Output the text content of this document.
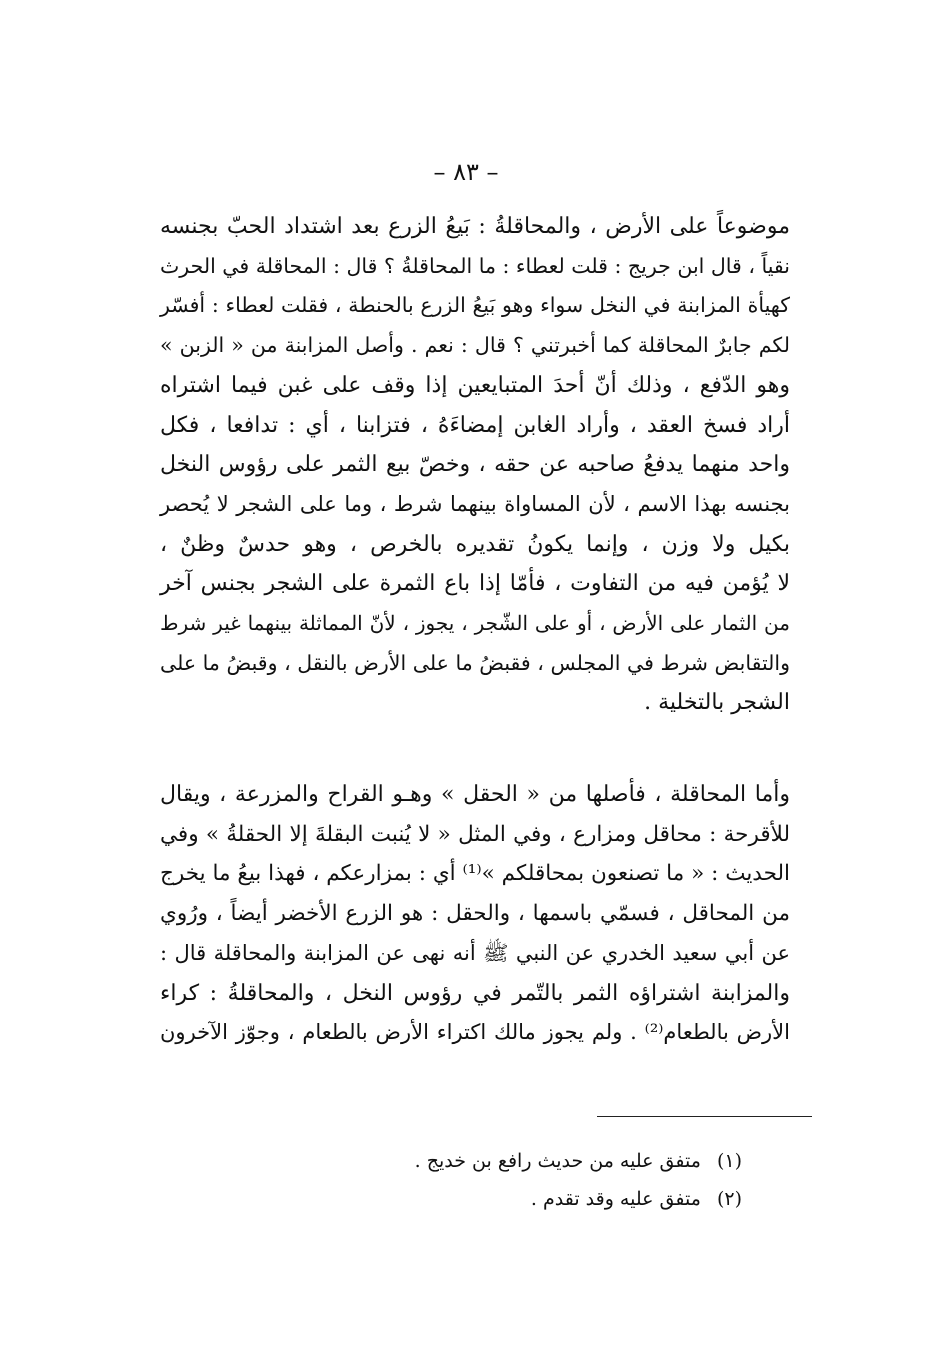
– ٨٣ –
موضوعاً على الأرض ، والمحاقلةُ : بَيعُ الزرع بعد اشتداد الحبّ بجنسه
نقياً ، قال ابن جريج : قلت لعطاء : ما المحاقلةُ ؟ قال : المحاقلة في الحرث
كهيأة المزابنة في النخل سواء وهو بَيعُ الزرع بالحنطة ، فقلت لعطاء : أفسّر
لكم جابرٌ المحاقلة كما أخبرتني ؟ قال : نعم . وأصل المزابنة من « الزبن »
وهو الدّفع ، وذلك أنّ أحدَ المتبايعين إذا وقف على غبن فيما اشتراه
أراد فسخ العقد ، وأراد الغابن إمضاءَهُ ، فتزابنا ، أي : تدافعا ، فكل
واحد منهما يدفعُ صاحبه عن حقه ، وخصّ بيع الثمر على رؤوس النخل
بجنسه بهذا الاسم ، لأن المساواة بينهما شرط ، وما على الشجر لا يُحصر
بكيل ولا وزن ، وإنما يكونُ تقديره بالخرص ، وهو حدسٌ وظنٌ ،
لا يُؤمن فيه من التفاوت ، فأمّا إذا باع الثمرة على الشجر بجنس آخر
من الثمار على الأرض ، أو على الشّجر ، يجوز ، لأنّ المماثلة بينهما غير شرط
والتقابض شرط في المجلس ، فقبضُ ما على الأرض بالنقل ، وقبضُ ما على
الشجر بالتخلية .
وأما المحاقلة ، فأصلها من « الحقل » وهـو القراح والمزرعة ، ويقال
للأقرحة : محاقل ومزارع ، وفي المثل « لا يُنبت البقلةَ إلا الحقلةُ » وفي
الحديث : « ما تصنعون بمحاقلكم »⁽¹⁾ أي : بمزارعكم ، فهذا بيعُ ما يخرج
من المحاقل ، فسمّي باسمها ، والحقل : هو الزرع الأخضر أيضاً ، ورُوي
عن أبي سعيد الخدري عن النبي ﷺ أنه نهى عن المزابنة والمحاقلة قال :
والمزابنة اشتراؤه الثمر بالتّمر في رؤوس النخل ، والمحاقلةُ : كراء
الأرض بالطعام⁽²⁾ . ولم يجوز مالك اكتراء الأرض بالطعام ، وجوّز الآخرون
(١) متفق عليه من حديث رافع بن خديج .
(٢) متفق عليه وقد تقدم .
